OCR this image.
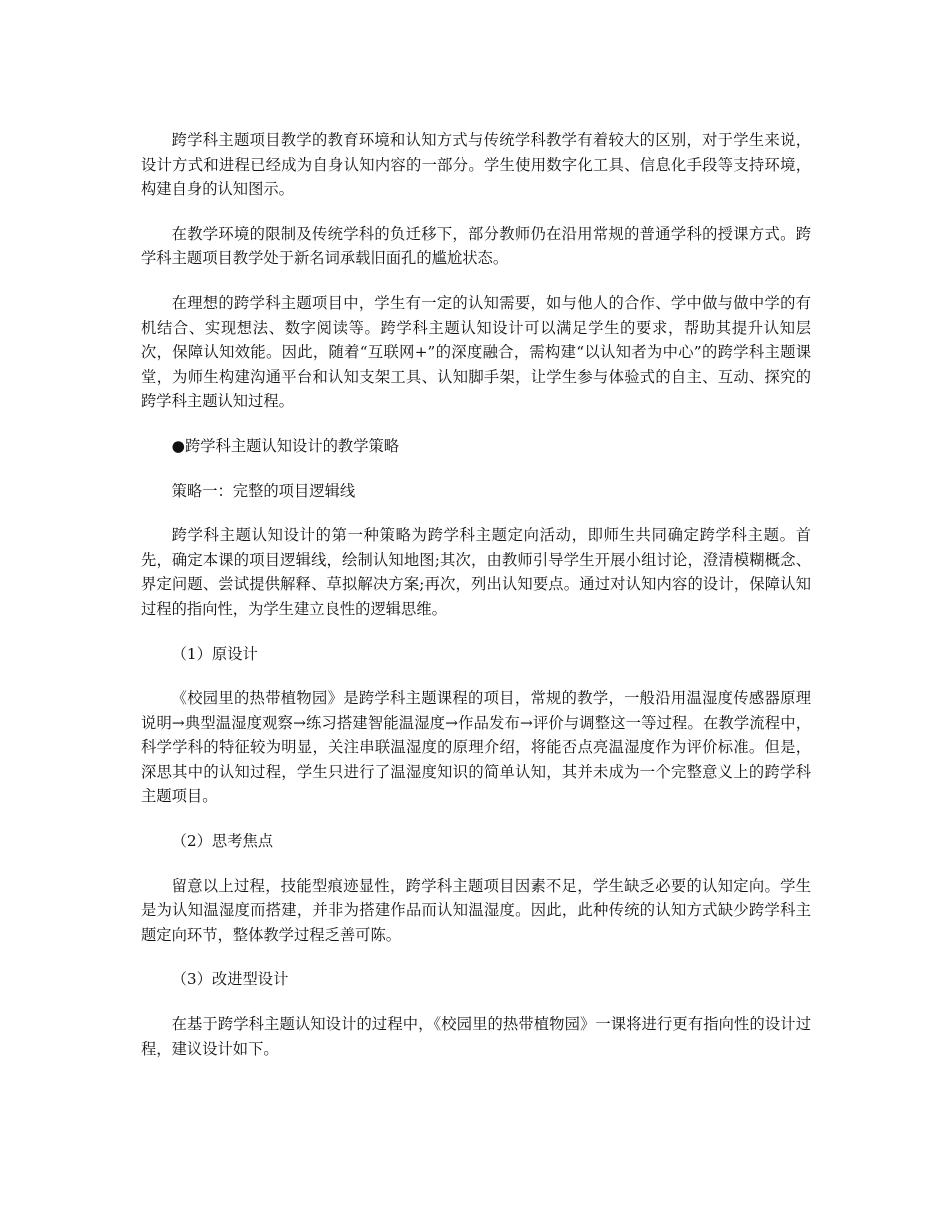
跨学科主题项目教学的教育环境和认知方式与传统学科教学有着较大的区别，对于学生来说，设计方式和进程已经成为自身认知内容的一部分。学生使用数字化工具、信息化手段等支持环境，构建自身的认知图示。

在教学环境的限制及传统学科的负迁移下，部分教师仍在沿用常规的普通学科的授课方式。跨学科主题项目教学处于新名词承载旧面孔的尴尬状态。

在理想的跨学科主题项目中，学生有一定的认知需要，如与他人的合作、学中做与做中学的有机结合、实现想法、数字阅读等。跨学科主题认知设计可以满足学生的要求，帮助其提升认知层次，保障认知效能。因此，随着“互联网+”的深度融合，需构建“以认知者为中心”的跨学科主题课堂，为师生构建沟通平台和认知支架工具、认知脚手架，让学生参与体验式的自主、互动、探究的跨学科主题认知过程。

●跨学科主题认知设计的教学策略

策略一：完整的项目逻辑线

跨学科主题认知设计的第一种策略为跨学科主题定向活动，即师生共同确定跨学科主题。首先，确定本课的项目逻辑线，绘制认知地图;其次，由教师引导学生开展小组讨论，澄清模糊概念、界定问题、尝试提供解释、草拟解决方案;再次，列出认知要点。通过对认知内容的设计，保障认知过程的指向性，为学生建立良性的逻辑思维。

（1）原设计

《校园里的热带植物园》是跨学科主题课程的项目，常规的教学，一般沿用温湿度传感器原理说明→典型温湿度观察→练习搭建智能温湿度→作品发布→评价与调整这一等过程。在教学流程中，科学学科的特征较为明显，关注串联温湿度的原理介绍，将能否点亮温湿度作为评价标准。但是，深思其中的认知过程，学生只进行了温湿度知识的简单认知，其并未成为一个完整意义上的跨学科主题项目。

（2）思考焦点

留意以上过程，技能型痕迹显性，跨学科主题项目因素不足，学生缺乏必要的认知定向。学生是为认知温湿度而搭建，并非为搭建作品而认知温湿度。因此，此种传统的认知方式缺少跨学科主题定向环节，整体教学过程乏善可陈。

（3）改进型设计

在基于跨学科主题认知设计的过程中，《校园里的热带植物园》一课将进行更有指向性的设计过程，建议设计如下。
